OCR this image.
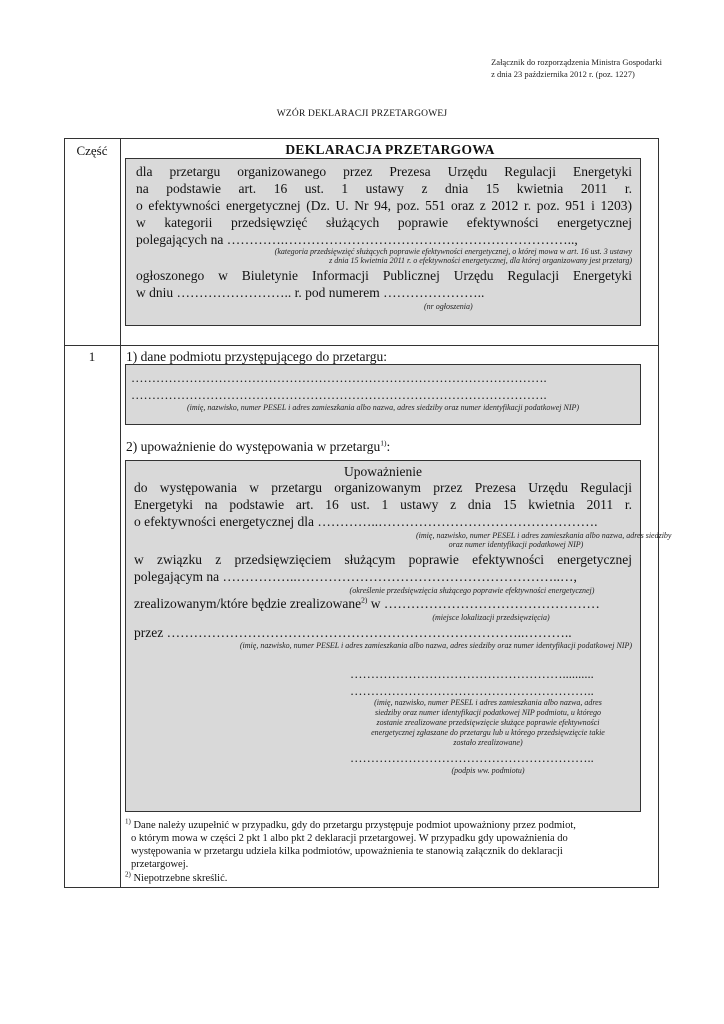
Załącznik do rozporządzenia Ministra Gospodarki
z dnia 23 października 2012 r. (poz. 1227)
WZÓR DEKLARACJI PRZETARGOWEJ
Część	DEKLARACJA PRZETARGOWA
1
dla przetargu organizowanego przez Prezesa Urzędu Regulacji Energetyki
na podstawie art. 16 ust. 1 ustawy z dnia 15 kwietnia 2011 r.
o efektywności energetycznej (Dz. U. Nr 94, poz. 551 oraz z 2012 r. poz. 951 i 1203)
w kategorii przedsięwzięć służących poprawie efektywności energetycznej
polegających na ………….………………………………………………………..,
(kategoria przedsięwzięć służących poprawie efektywności energetycznej, o której mowa w art. 16 ust. 3 ustawy
z dnia 15 kwietnia 2011 r. o efektywności energetycznej, dla której organizowany jest przetarg)
ogłoszonego w Biuletynie Informacji Publicznej Urzędu Regulacji Energetyki
w dniu …………………….. r. pod numerem …………………..
(nr ogłoszenia)
1) dane podmiotu przystępującego do przetargu:
……………………………………………………………………………………….
……………………………………………………………………………………….
(imię, nazwisko, numer PESEL i adres zamieszkania albo nazwa, adres siedziby oraz numer identyfikacji podatkowej NIP)
2) upoważnienie do występowania w przetargu$^{1)}$:
Upoważnienie
do występowania w przetargu organizowanym przez Prezesa Urzędu Regulacji
Energetyki na podstawie art. 16 ust. 1 ustawy z dnia 15 kwietnia 2011 r.
o efektywności energetycznej dla …………..………………………………………….
(imię, nazwisko, numer PESEL i adres zamieszkania albo nazwa, adres siedziby
oraz numer identyfikacji podatkowej NIP)
w związku z przedsięwzięciem służącym poprawie efektywności energetycznej
polegającym na ……………..…………………………………………………..…,
(określenie przedsięwzięcia służącego poprawie efektywności energetycznej)
zrealizowanym/które będzie zrealizowane$^{2)}$ w …………………………………………
(miejsce lokalizacji przedsięwzięcia)
przez ……………………………………………………………………..………..
(imię, nazwisko, numer PESEL i adres zamieszkania albo nazwa, adres siedziby oraz numer identyfikacji podatkowej NIP)
……………………………………………..........
…………………………………………………..
(imię, nazwisko, numer PESEL i adres zamieszkania albo nazwa, adres
siedziby oraz numer identyfikacji podatkowej NIP podmiotu, u którego
zostanie zrealizowane przedsięwzięcie służące poprawie efektywności
energetycznej zgłaszane do przetargu lub u którego przedsięwzięcie takie
zostało zrealizowane)
…………………………………………………..
(podpis ww. podmiotu)
$^{1)}$ Dane należy uzupełnić w przypadku, gdy do przetargu przystępuje podmiot upoważniony przez podmiot,
o którym mowa w części 2 pkt 1 albo pkt 2 deklaracji przetargowej. W przypadku gdy upoważnienia do
występowania w przetargu udziela kilka podmiotów, upoważnienia te stanowią załącznik do deklaracji
przetargowej.
$^{2)}$ Niepotrzebne skreślić.
